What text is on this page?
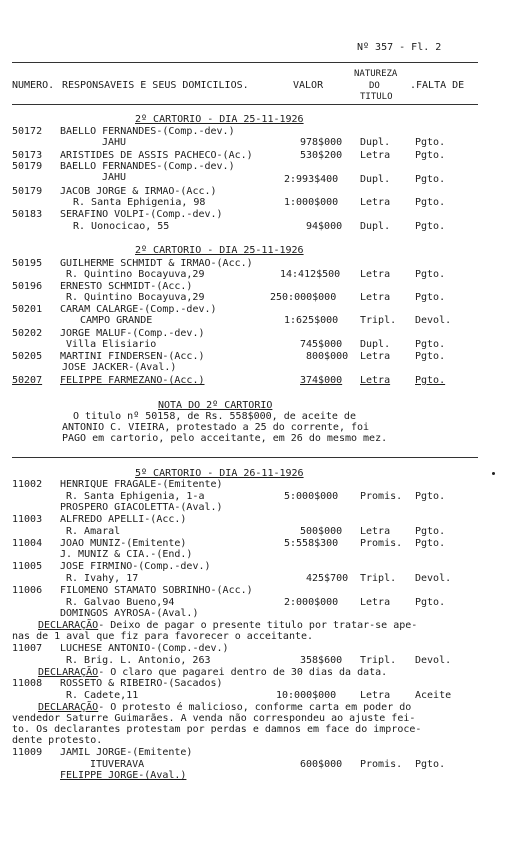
Nº 357 - Fl. 2
NUMERO. RESPONSAVEIS E SEUS DOMICILIOS.	VALOR
NATUREZA
DO
TITULO
.FALTA DE
2º CARTORIO - DIA 25-11-1926
50172 BAELLO FERNANDES-(Comp.-dev.)
JAHU	978$000 Dupl. Pgto.
50173 ARISTIDES DE ASSIS PACHECO-(Ac.)	530$200 Letra Pgto.
50179 BAELLO FERNANDES-(Comp.-dev.)
JAHU	2:993$400 Dupl. Pgto.
50179 JACOB JORGE & IRMAO-(Acc.)
R. Santa Ephigenia, 98	1:000$000 Letra Pgto.
50183 SERAFINO VOLPI-(Comp.-dev.)
R. Uonocicao, 55	94$000 Dupl. Pgto.
2º CARTORIO - DIA 25-11-1926
50195 GUILHERME SCHMIDT & IRMAO-(Acc.)
R. Quintino Bocayuva,29	14:412$500 Letra Pgto.
50196 ERNESTO SCHMIDT-(Acc.)
R. Quintino Bocayuva,29	250:000$000 Letra Pgto.
50201 CARAM CALARGE-(Comp.-dev.)
CAMPO GRANDE	1:625$000 Tripl. Devol.
50202 JORGE MALUF-(Comp.-dev.)
Villa Elisiario	745$000 Dupl. Pgto.
50205 MARTINI FINDERSEN-(Acc.)
JOSE JACKER-(Aval.)
800$000 Letra Pgto.
50207 FELIPPE FARMEZANO-(Acc.)	374$000 Letra Pgto.
NOTA DO 2º CARTORIO
O titulo nº 50158, de Rs. 558$000, de aceite de
ANTONIO C. VIEIRA, protestado a 25 do corrente, foi
PAGO em cartorio, pelo acceitante, em 26 do mesmo mez.
5º CARTORIO - DIA 26-11-1926
11002 HENRIQUE FRAGALE-(Emitente)
R. Santa Ephigenia, 1-a
PROSPERO GIACOLETTA-(Aval.)
5:000$000 Promis. Pgto.
11003 ALFREDO APELLI-(Acc.)
R. Amaral	500$000 Letra Pgto.
11004 JOAO MUNIZ-(Emitente)
J. MUNIZ & CIA.-(End.)
5:558$300 Promis. Pgto.
11005 JOSE FIRMINO-(Comp.-dev.)
R. Ivahy, 17	425$700 Tripl. Devol.
11006 FILOMENO STAMATO SOBRINHO-(Acc.)
R. Galvao Bueno,94
DOMINGOS AYROSA-(Aval.)
2:000$000 Letra Pgto.
DECLARAÇÃO- Deixo de pagar o presente titulo por tratar-se ape-
nas de 1 aval que fiz para favorecer o acceitante.
11007 LUCHESE ANTONIO-(Comp.-dev.)
R. Brig. L. Antonio, 263	358$600 Tripl. Devol.
DECLARAÇÃO- O claro que pagarei dentro de 30 dias da data.
11008 ROSSETO & RIBEIRO-(Sacados)
R. Cadete,11	10:000$000 Letra Aceite
DECLARAÇÃO- O protesto é malicioso, conforme carta em poder do
vendedor Saturre Guimarães. A venda não correspondeu ao ajuste fei-
to. Os declarantes protestam por perdas e damnos em face do improce-
dente protesto.
11009 JAMIL JORGE-(Emitente)
ITUVERAVA
FELIPPE JORGE-(Aval.)
600$000 Promis. Pgto.
